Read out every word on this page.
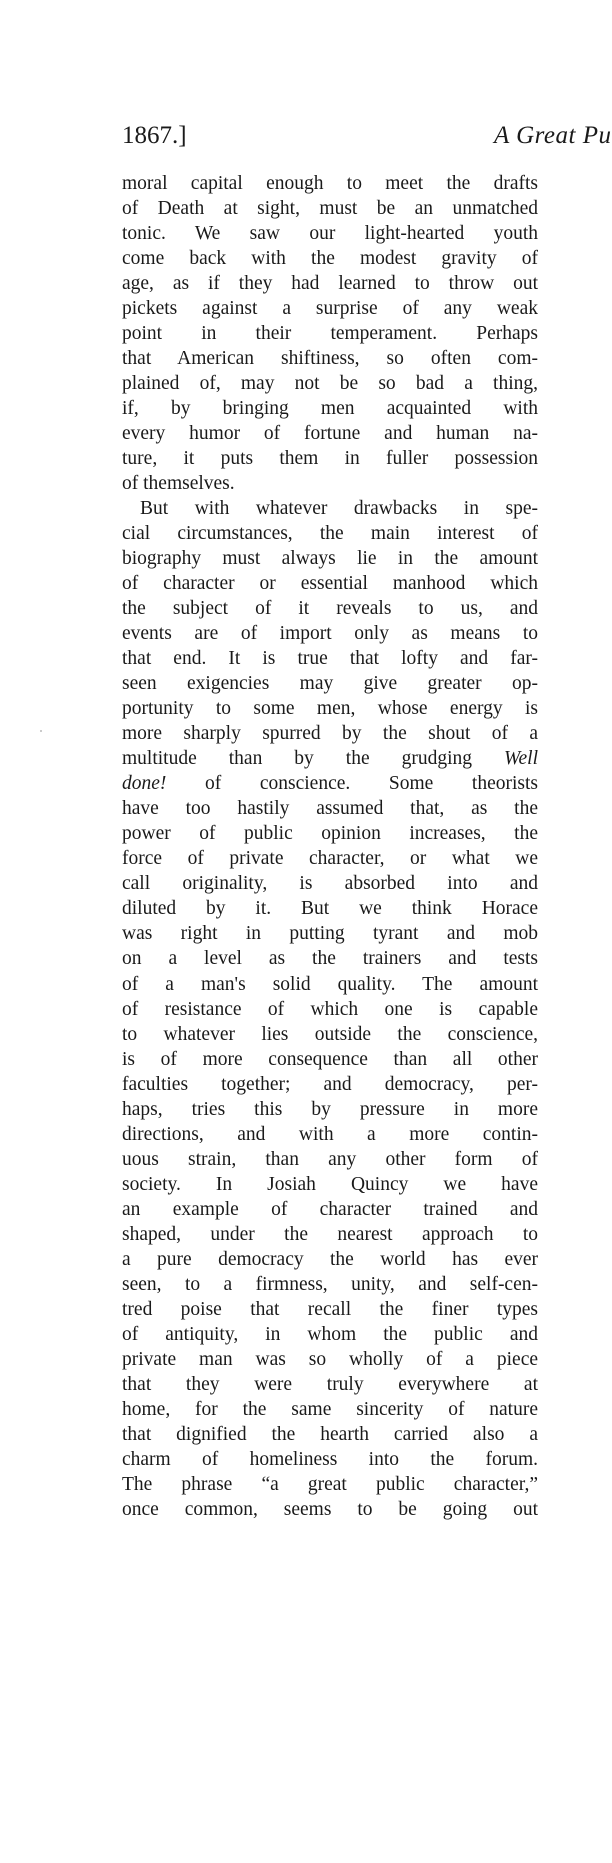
1867.]	A Great Pu
moral capital enough to meet the drafts
of Death at sight, must be an unmatched
tonic. We saw our light-hearted youth
come back with the modest gravity of
age, as if they had learned to throw out
pickets against a surprise of any weak
point in their temperament. Perhaps
that American shiftiness, so often com-
plained of, may not be so bad a thing,
if, by bringing men acquainted with
every humor of fortune and human na-
ture, it puts them in fuller possession
of themselves.
But with whatever drawbacks in spe-
cial circumstances, the main interest of
biography must always lie in the amount
of character or essential manhood which
the subject of it reveals to us, and
events are of import only as means to
that end. It is true that lofty and far-
seen exigencies may give greater op-
portunity to some men, whose energy is
more sharply spurred by the shout of a
multitude than by the grudging Well
done! of conscience. Some theorists
have too hastily assumed that, as the
power of public opinion increases, the
force of private character, or what we
call originality, is absorbed into and
diluted by it. But we think Horace
was right in putting tyrant and mob
on a level as the trainers and tests
of a man's solid quality. The amount
of resistance of which one is capable
to whatever lies outside the conscience,
is of more consequence than all other
faculties together; and democracy, per-
haps, tries this by pressure in more
directions, and with a more contin-
uous strain, than any other form of
society. In Josiah Quincy we have
an example of character trained and
shaped, under the nearest approach to
a pure democracy the world has ever
seen, to a firmness, unity, and self-cen-
tred poise that recall the finer types
of antiquity, in whom the public and
private man was so wholly of a piece
that they were truly everywhere at
home, for the same sincerity of nature
that dignified the hearth carried also a
charm of homeliness into the forum.
The phrase “a great public character,”
once common, seems to be going out
